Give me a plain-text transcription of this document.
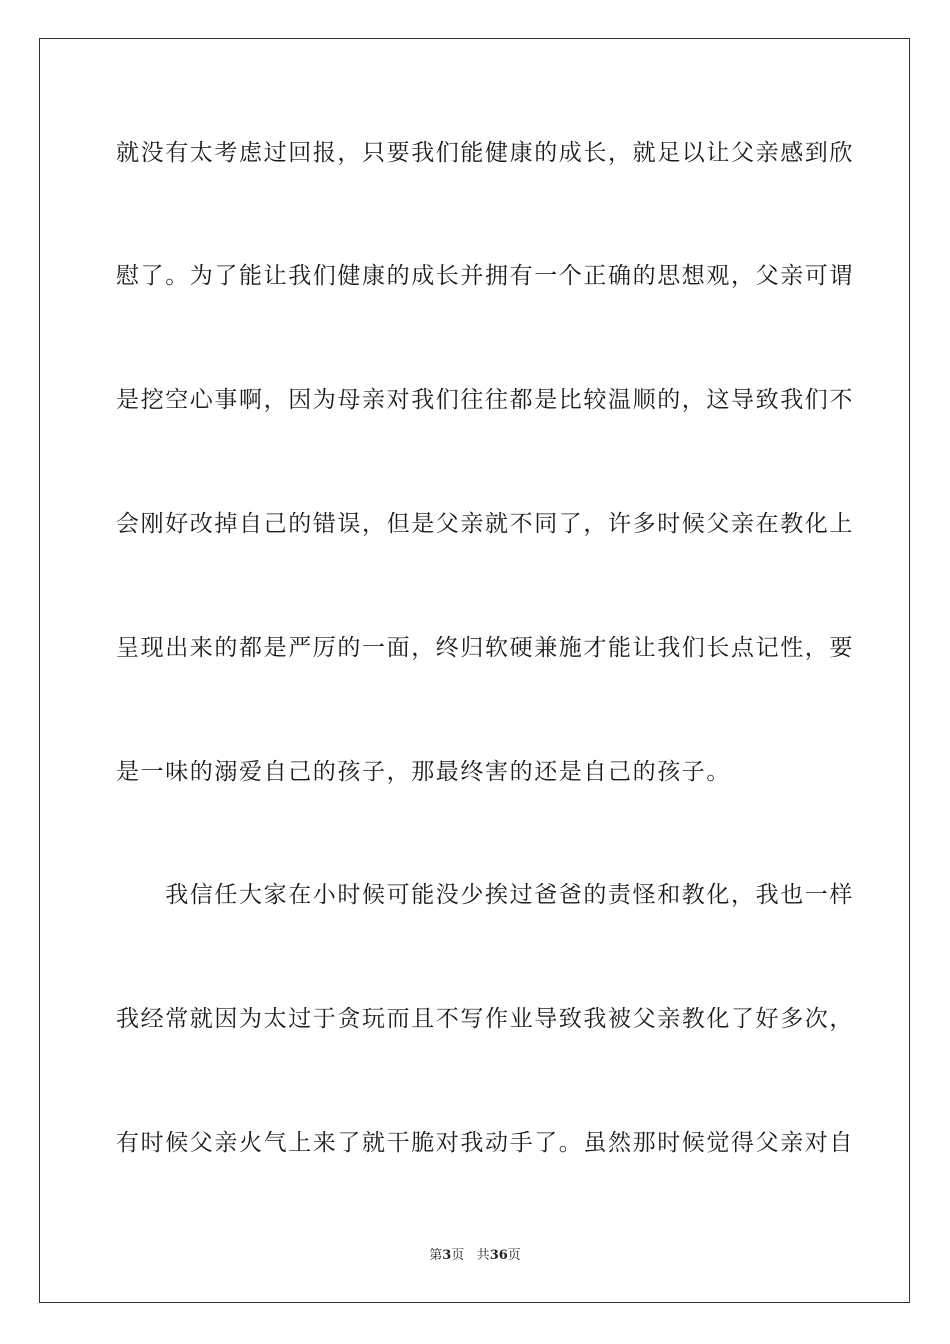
就没有太考虑过回报，只要我们能健康的成长，就足以让父亲感到欣
慰了。为了能让我们健康的成长并拥有一个正确的思想观，父亲可谓
是挖空心事啊，因为母亲对我们往往都是比较温顺的，这导致我们不
会刚好改掉自己的错误，但是父亲就不同了，许多时候父亲在教化上
呈现出来的都是严厉的一面，终归软硬兼施才能让我们长点记性，要
是一味的溺爱自己的孩子，那最终害的还是自己的孩子。
　　我信任大家在小时候可能没少挨过爸爸的责怪和教化，我也一样
我经常就因为太过于贪玩而且不写作业导致我被父亲教化了好多次，
有时候父亲火气上来了就干脆对我动手了。虽然那时候觉得父亲对自
第3页 共36页
